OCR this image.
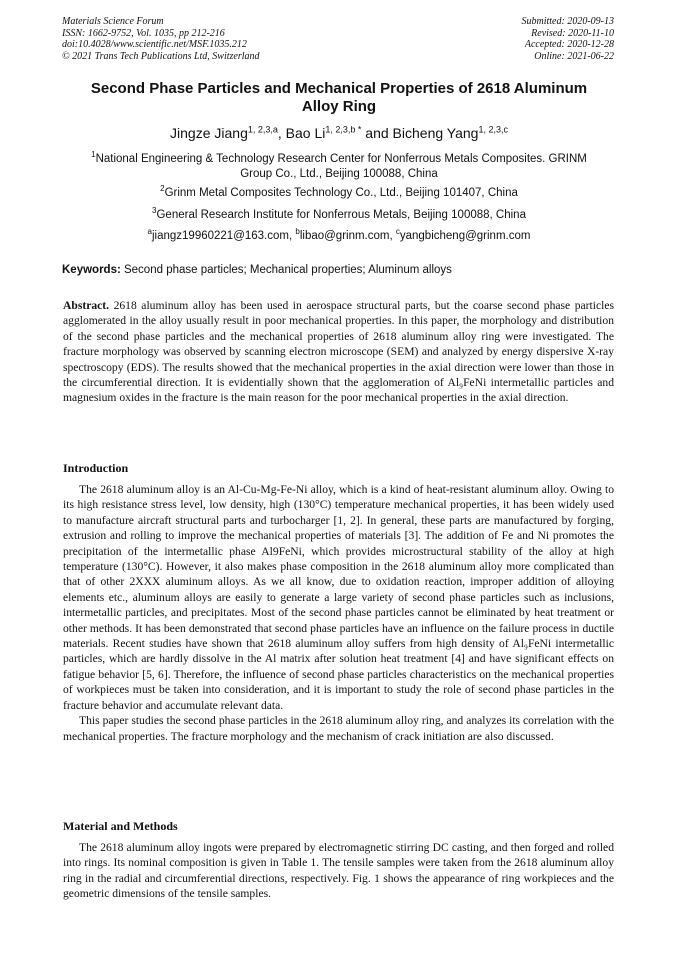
Materials Science Forum
ISSN: 1662-9752, Vol. 1035, pp 212-216
doi:10.4028/www.scientific.net/MSF.1035.212
© 2021 Trans Tech Publications Ltd, Switzerland
Submitted: 2020-09-13
Revised: 2020-11-10
Accepted: 2020-12-28
Online: 2021-06-22
Second Phase Particles and Mechanical Properties of 2618 Aluminum
Alloy Ring
Jingze Jiang$^{1, 2,3,a}$, Bao $Li^{1, 2,3,b *}$ and Bicheng Yang$^{1, 2,3,c}$
$^1$National Engineering & Technology Research Center for Nonferrous Metals Composites. GRINM
Group Co., Ltd., Beijing 100088, China
$^2$Grinm Metal Composites Technology Co., Ltd., Beijing 101407, China
$^3$General Research Institute for Nonferrous Metals, Beijing 100088, China
$^a$jiangz19960221@163.com, $^b$libao@grinm.com, $^c$yangbicheng@grinm.com
Keywords: Second phase particles; Mechanical properties; Aluminum alloys

Abstract. 2618 aluminum alloy has been used in aerospace structural parts, but the coarse second phase particles agglomerated in the alloy usually result in poor mechanical properties. In this paper, the morphology and distribution of the second phase particles and the mechanical properties of 2618 aluminum alloy ring were investigated. The fracture morphology was observed by scanning electron microscope (SEM) and analyzed by energy dispersive X-ray spectroscopy (EDS). The results showed that the mechanical properties in the axial direction were lower than those in the circumferential direction. It is evidentially shown that the agglomeration of Al₉FeNi intermetallic particles and magnesium oxides in the fracture is the main reason for the poor mechanical properties in the axial direction.

Introduction

The 2618 aluminum alloy is an Al-Cu-Mg-Fe-Ni alloy, which is a kind of heat-resistant aluminum alloy. Owing to its high resistance stress level, low density, high (130°C) temperature mechanical properties, it has been widely used to manufacture aircraft structural parts and turbocharger [1, 2]. In general, these parts are manufactured by forging, extrusion and rolling to improve the mechanical properties of materials [3]. The addition of Fe and Ni promotes the precipitation of the intermetallic phase Al9FeNi, which provides microstructural stability of the alloy at high temperature (130°C). However, it also makes phase composition in the 2618 aluminum alloy more complicated than that of other 2XXX aluminum alloys. As we all know, due to oxidation reaction, improper addition of alloying elements etc., aluminum alloys are easily to generate a large variety of second phase particles such as inclusions, intermetallic particles, and precipitates. Most of the second phase particles cannot be eliminated by heat treatment or other methods. It has been demonstrated that second phase particles have an influence on the failure process in ductile materials. Recent studies have shown that 2618 aluminum alloy suffers from high density of Al₉FeNi intermetallic particles, which are hardly dissolve in the Al matrix after solution heat treatment [4] and have significant effects on fatigue behavior [5, 6]. Therefore, the influence of second phase particles characteristics on the mechanical properties of workpieces must be taken into consideration, and it is important to study the role of second phase particles in the fracture behavior and accumulate relevant data.

This paper studies the second phase particles in the 2618 aluminum alloy ring, and analyzes its correlation with the mechanical properties. The fracture morphology and the mechanism of crack initiation are also discussed.

Material and Methods

The 2618 aluminum alloy ingots were prepared by electromagnetic stirring DC casting, and then forged and rolled into rings. Its nominal composition is given in Table 1. The tensile samples were taken from the 2618 aluminum alloy ring in the radial and circumferential directions, respectively. Fig. 1 shows the appearance of ring workpieces and the geometric dimensions of the tensile samples.
